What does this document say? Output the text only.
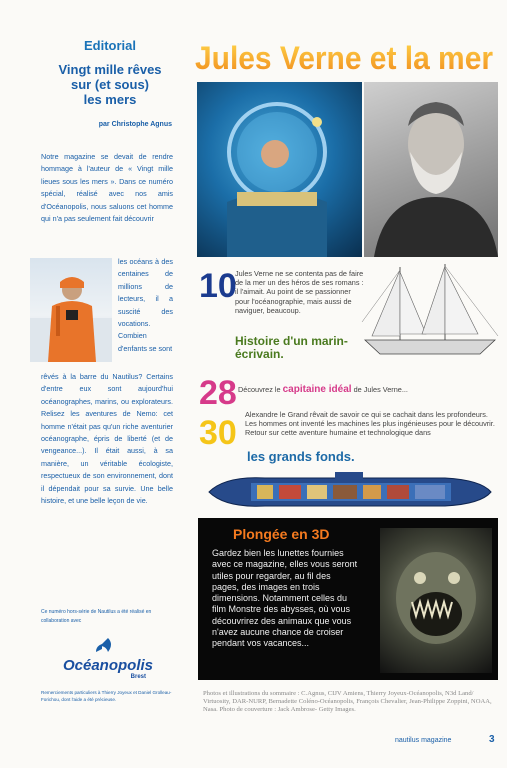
Editorial
Vingt mille rêves
sur (et sous)
les mers
par Christophe Agnus
Notre magazine se devait de rendre hommage à l'auteur de « Vingt mille lieues sous les mers ». Dans ce numéro spécial, réalisé avec nos amis d'Océanopolis, nous saluons cet homme qui n'a pas seulement fait découvrir
les océans à des centaines de millions de lecteurs, il a suscité des vocations. Combien d'enfants se sont
rêvés à la barre du Nautilus? Certains d'entre eux sont aujourd'hui océanographes, marins, ou explorateurs. Relisez les aventures de Nemo: cet homme n'était pas qu'un riche aventurier océanographe, épris de liberté (et de vengeance...). Il était aussi, à sa manière, un véritable écologiste, respectueux de son environnement, dont il dépendait pour sa survie. Une belle histoire, et une belle leçon de vie.
Ce numéro hors-série de Nautilus a été réalisé en collaboration avec
Océanopolis
Brest
Remerciements particuliers à Thierry Joyeux et Daniel Grolleau-Forichou, dont l'aide a été précieuse.
Jules Verne et la mer
10
Jules Verne ne se contenta pas de faire de la mer un des héros de ses romans : il l'aimait. Au point de se passionner pour l'océanographie, mais aussi de naviguer, beaucoup.
Histoire d'un marin-écrivain.
28 Découvrez le capitaine idéal de Jules Verne...
30 Alexandre le Grand rêvait de savoir ce qui se cachait dans les profondeurs. Les hommes ont inventé les machines les plus ingénieuses pour le découvrir. Retour sur cette aventure humaine et technologique dans
les grands fonds.
Plongée en 3D
Gardez bien les lunettes fournies avec ce magazine, elles vous seront utiles pour regarder, au fil des pages, des images en trois dimensions. Notamment celles du film Monstre des abysses, où vous découvrirez des animaux que vous n'avez aucune chance de croiser pendant vos vacances...
Photos et illustrations du sommaire : C.Agnus, CIJV Amiens, Thierry Joyeux-Océanopolis, N3d Land/ Virtuosity, DAR-NURP, Bernadette Coléno-Océanopolis, François Chevalier, Jean-Philippe Zoppini, NOAA, Nasa. Photo de couverture : Jack Ambrose- Getty Images.
nautilus magazine	3
